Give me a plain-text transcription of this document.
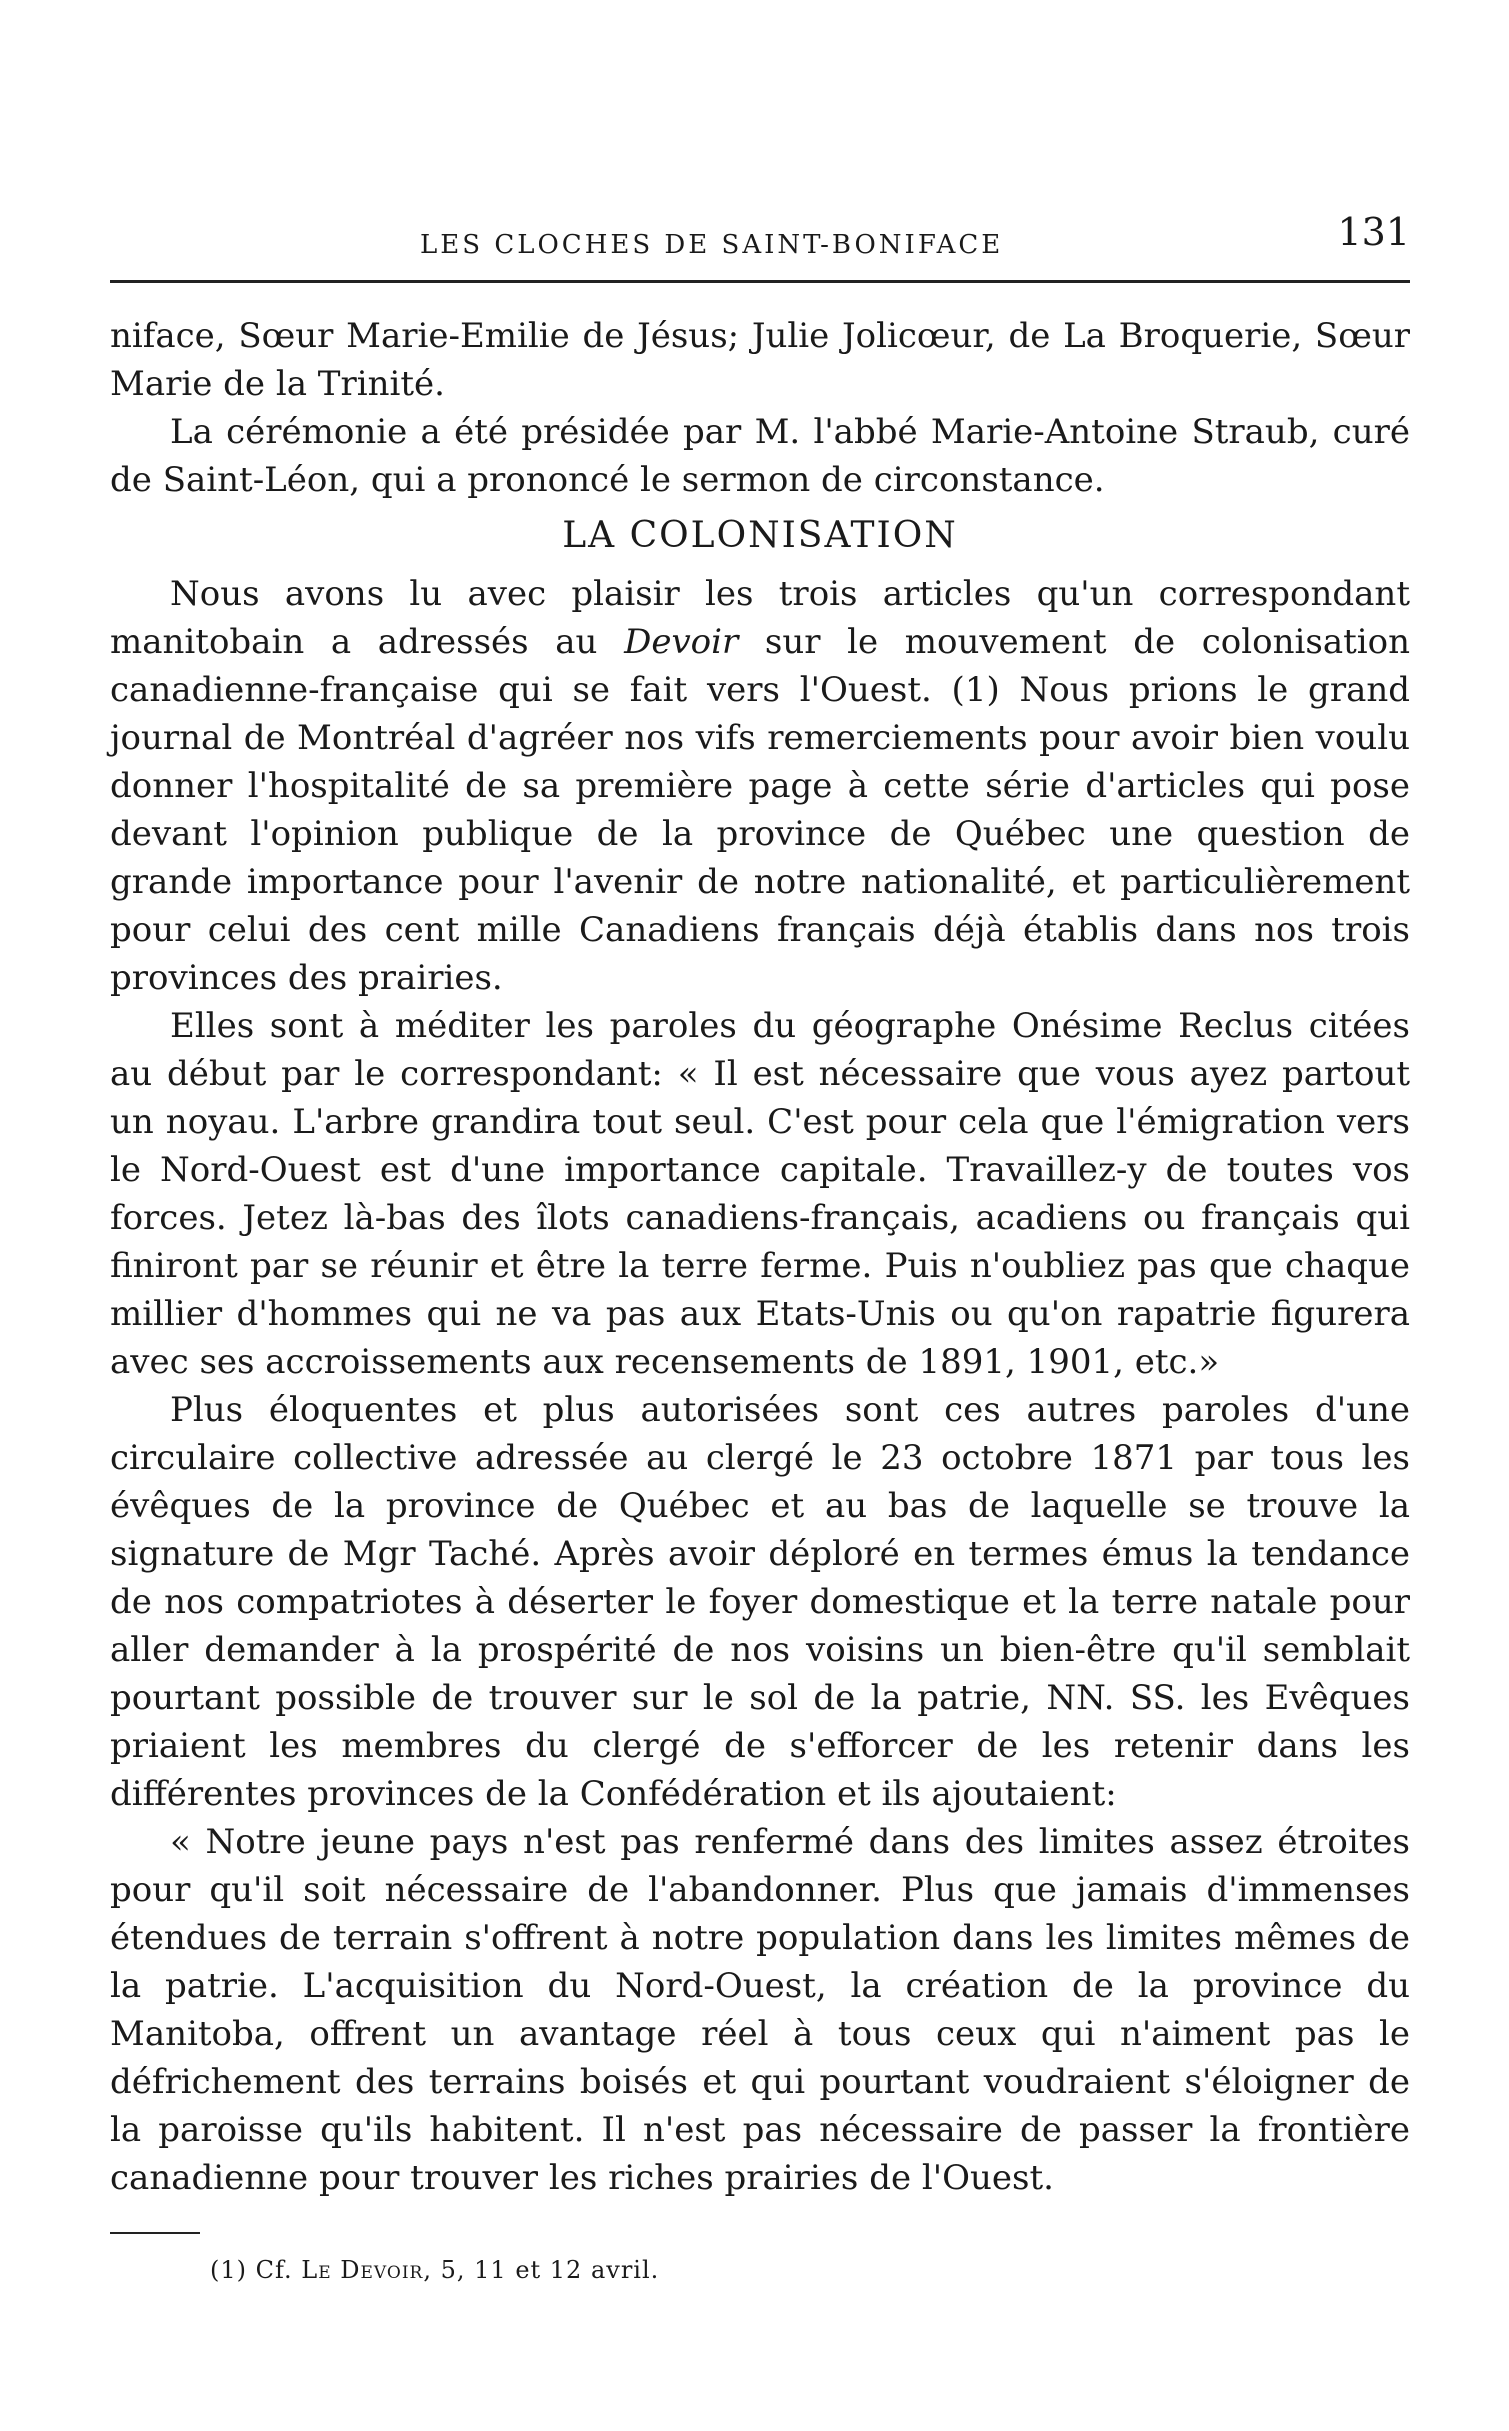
LES CLOCHES DE SAINT-BONIFACE	131

niface, Sœur Marie-Emilie de Jésus; Julie Jolicœur, de La Broquerie, Sœur Marie de la Trinité.

La cérémonie a été présidée par M. l'abbé Marie-Antoine Straub, curé de Saint-Léon, qui a prononcé le sermon de circonstance.

LA COLONISATION

Nous avons lu avec plaisir les trois articles qu'un correspondant manitobain a adressés au Devoir sur le mouvement de colonisation canadienne-française qui se fait vers l'Ouest. (1) Nous prions le grand journal de Montréal d'agréer nos vifs remerciements pour avoir bien voulu donner l'hospitalité de sa première page à cette série d'articles qui pose devant l'opinion publique de la province de Québec une question de grande importance pour l'avenir de notre nationalité, et particulièrement pour celui des cent mille Canadiens français déjà établis dans nos trois provinces des prairies.

Elles sont à méditer les paroles du géographe Onésime Reclus citées au début par le correspondant: « Il est nécessaire que vous ayez partout un noyau. L'arbre grandira tout seul. C'est pour cela que l'émigration vers le Nord-Ouest est d'une importance capitale. Travaillez-y de toutes vos forces. Jetez là-bas des îlots canadiens-français, acadiens ou français qui finiront par se réunir et être la terre ferme. Puis n'oubliez pas que chaque millier d'hommes qui ne va pas aux Etats-Unis ou qu'on rapatrie figurera avec ses accroissements aux recensements de 1891, 1901, etc.»

Plus éloquentes et plus autorisées sont ces autres paroles d'une circulaire collective adressée au clergé le 23 octobre 1871 par tous les évêques de la province de Québec et au bas de laquelle se trouve la signature de Mgr Taché. Après avoir déploré en termes émus la tendance de nos compatriotes à déserter le foyer domestique et la terre natale pour aller demander à la prospérité de nos voisins un bien-être qu'il semblait pourtant possible de trouver sur le sol de la patrie, NN. SS. les Evêques priaient les membres du clergé de s'efforcer de les retenir dans les différentes provinces de la Confédération et ils ajoutaient:

« Notre jeune pays n'est pas renfermé dans des limites assez étroites pour qu'il soit nécessaire de l'abandonner. Plus que jamais d'immenses étendues de terrain s'offrent à notre population dans les limites mêmes de la patrie. L'acquisition du Nord-Ouest, la création de la province du Manitoba, offrent un avantage réel à tous ceux qui n'aiment pas le défrichement des terrains boisés et qui pourtant voudraient s'éloigner de la paroisse qu'ils habitent. Il n'est pas nécessaire de passer la frontière canadienne pour trouver les riches prairies de l'Ouest.

(1) Cf. Le Devoir, 5, 11 et 12 avril.
